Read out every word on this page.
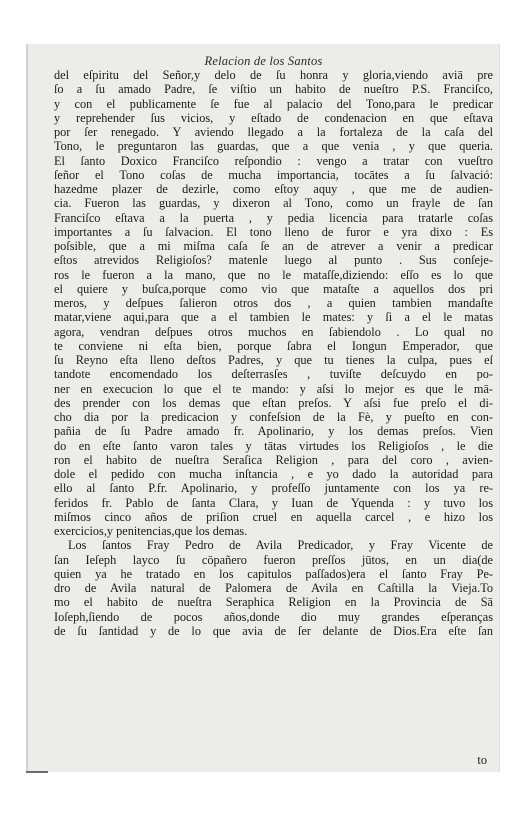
Relacion de los Santos
del eſpiritu del Señor,y delo de ſu honra y gloria,viendo aviā pre
ſo a ſu amado Padre, ſe viſtio un habito de nueſtro P.S. Franciſco,
y con el publicamente ſe fue al palacio del Tono,para le predicar
y reprehender ſus vicios, y eſtado de condenacion en que eſtava
por ſer renegado. Y aviendo llegado a la fortaleza de la caſa del
Tono, le preguntaron las guardas, que a que venia , y que queria.
El ſanto Doxico Franciſco reſpondio : vengo a tratar con vueſtro
ſeñor el Tono coſas de mucha importancia, tocātes a ſu ſalvació:
hazedme plazer de dezirle, como eſtoy aquy , que me de audien-
cia. Fueron las guardas, y dixeron al Tono, como un frayle de ſan
Franciſco eſtava a la puerta , y pedia licencia para tratarle coſas
importantes a ſu ſalvacion. El tono lleno de furor e yra dixo : Es
poſsible, que a mi miſma caſa ſe an de atrever a venir a predicar
eſtos atrevidos Religioſos? matenle luego al punto . Sus conſeje-
ros le fueron a la mano, que no le mataſſe,diziendo: eſſo es lo que
el quiere y buſca,porque como vio que mataſte a aquellos dos pri
meros, y deſpues ſalieron otros dos , a quien tambien mandaſte
matar,viene aqui,para que a el tambien le mates: y ſi a el le matas
agora, vendran deſpues otros muchos en ſabiendolo . Lo qual no
te conviene ni eſta bien, porque ſabra el Iongun Emperador, que
ſu Reyno eſta lleno deſtos Padres, y que tu tienes la culpa, pues eſ
tandote encomendado los deſterrasſes , tuviſte deſcuydo en po-
ner en execucion lo que el te mando: y aſsi lo mejor es que le mā-
des prender con los demas que eſtan preſos. Y aſsi fue preſo el di-
cho dia por la predicacion y confeſsion de la Fè, y pueſto en con-
pañia de ſu Padre amado fr. Apolinario, y los demas preſos. Vien
do en eſte ſanto varon tales y tātas virtudes los Religioſos , le die
ron el habito de nueſtra Seraſica Religion , para del coro , avien-
dole el pedido con mucha inſtancia , e yo dado la autoridad para
ello al ſanto P.fr. Apolinario, y profeſſo juntamente con los ya re-
feridos fr. Pablo de ſanta Clara, y Iuan de Yquenda : y tuvo los
miſmos cinco años de priſion cruel en aquella carcel , e hizo los
exercicios,y penitencias,que los demas.
Los ſantos Fray Pedro de Avila Predicador, y Fray Vicente de
ſan Ieſeph layco ſu cōpañero fueron preſſos jūtos, en un dia(de
quien ya he tratado en los capitulos paſſados)era el ſanto Fray Pe-
dro de Avila natural de Palomera de Avila en Caſtilla la Vieja.To
mo el habito de nueſtra Seraphica Religion en la Provincia de Sā
Ioſeph,ſiendo de pocos años,donde dio muy grandes eſperanças
de ſu ſantidad y de lo que avia de ſer delante de Dios.Era eſte ſan
to
